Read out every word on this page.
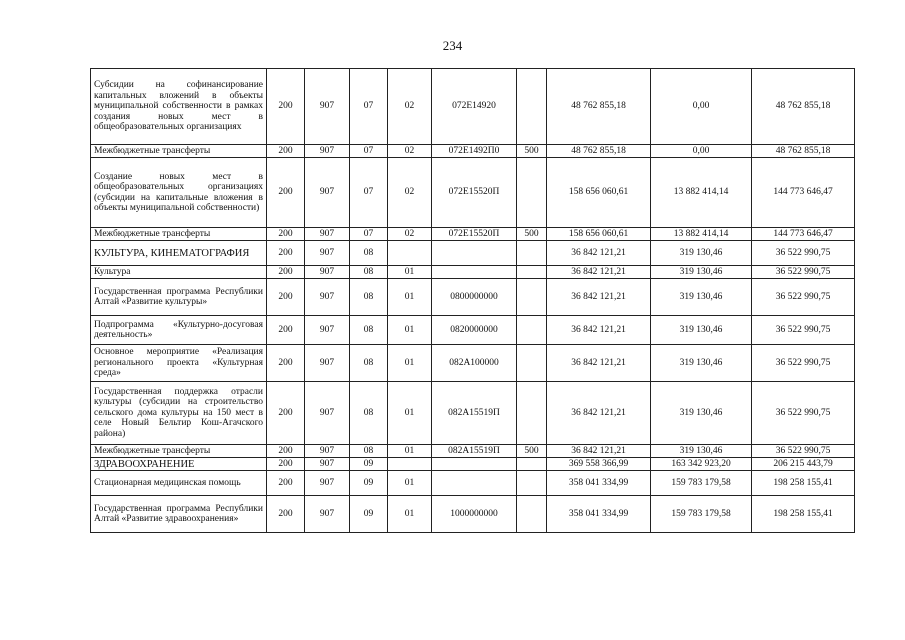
234
Субсидии на софинансирование капитальных вложений в объекты муниципальной собственности в рамках создания новых мест в общеобразовательных организациях	200	907	07	02	072E14920		48 762 855,18	0,00	48 762 855,18
Межбюджетные трансферты	200	907	07	02	072E1492П0	500	48 762 855,18	0,00	48 762 855,18
Создание новых мест в общеобразовательных организациях (субсидии на капитальные вложения в объекты муниципальной собственности)	200	907	07	02	072E15520П		158 656 060,61	13 882 414,14	144 773 646,47
Межбюджетные трансферты	200	907	07	02	072E15520П	500	158 656 060,61	13 882 414,14	144 773 646,47
КУЛЬТУРА, КИНЕМАТОГРАФИЯ	200	907	08				36 842 121,21	319 130,46	36 522 990,75
Культура	200	907	08	01			36 842 121,21	319 130,46	36 522 990,75
Государственная программа Республики Алтай «Развитие культуры»	200	907	08	01	0800000000		36 842 121,21	319 130,46	36 522 990,75
Подпрограмма «Культурно-досуговая деятельность»	200	907	08	01	0820000000		36 842 121,21	319 130,46	36 522 990,75
Основное мероприятие «Реализация регионального проекта «Культурная среда»	200	907	08	01	082A100000		36 842 121,21	319 130,46	36 522 990,75
Государственная поддержка отрасли культуры (субсидии на строительство сельского дома культуры на 150 мест в селе Новый Бельтир Кош-Агачского района)	200	907	08	01	082A15519П		36 842 121,21	319 130,46	36 522 990,75
Межбюджетные трансферты	200	907	08	01	082A15519П	500	36 842 121,21	319 130,46	36 522 990,75
ЗДРАВООХРАНЕНИЕ	200	907	09				369 558 366,99	163 342 923,20	206 215 443,79
Стационарная медицинская помощь	200	907	09	01			358 041 334,99	159 783 179,58	198 258 155,41
Государственная программа Республики Алтай «Развитие здравоохранения»	200	907	09	01	1000000000		358 041 334,99	159 783 179,58	198 258 155,41
